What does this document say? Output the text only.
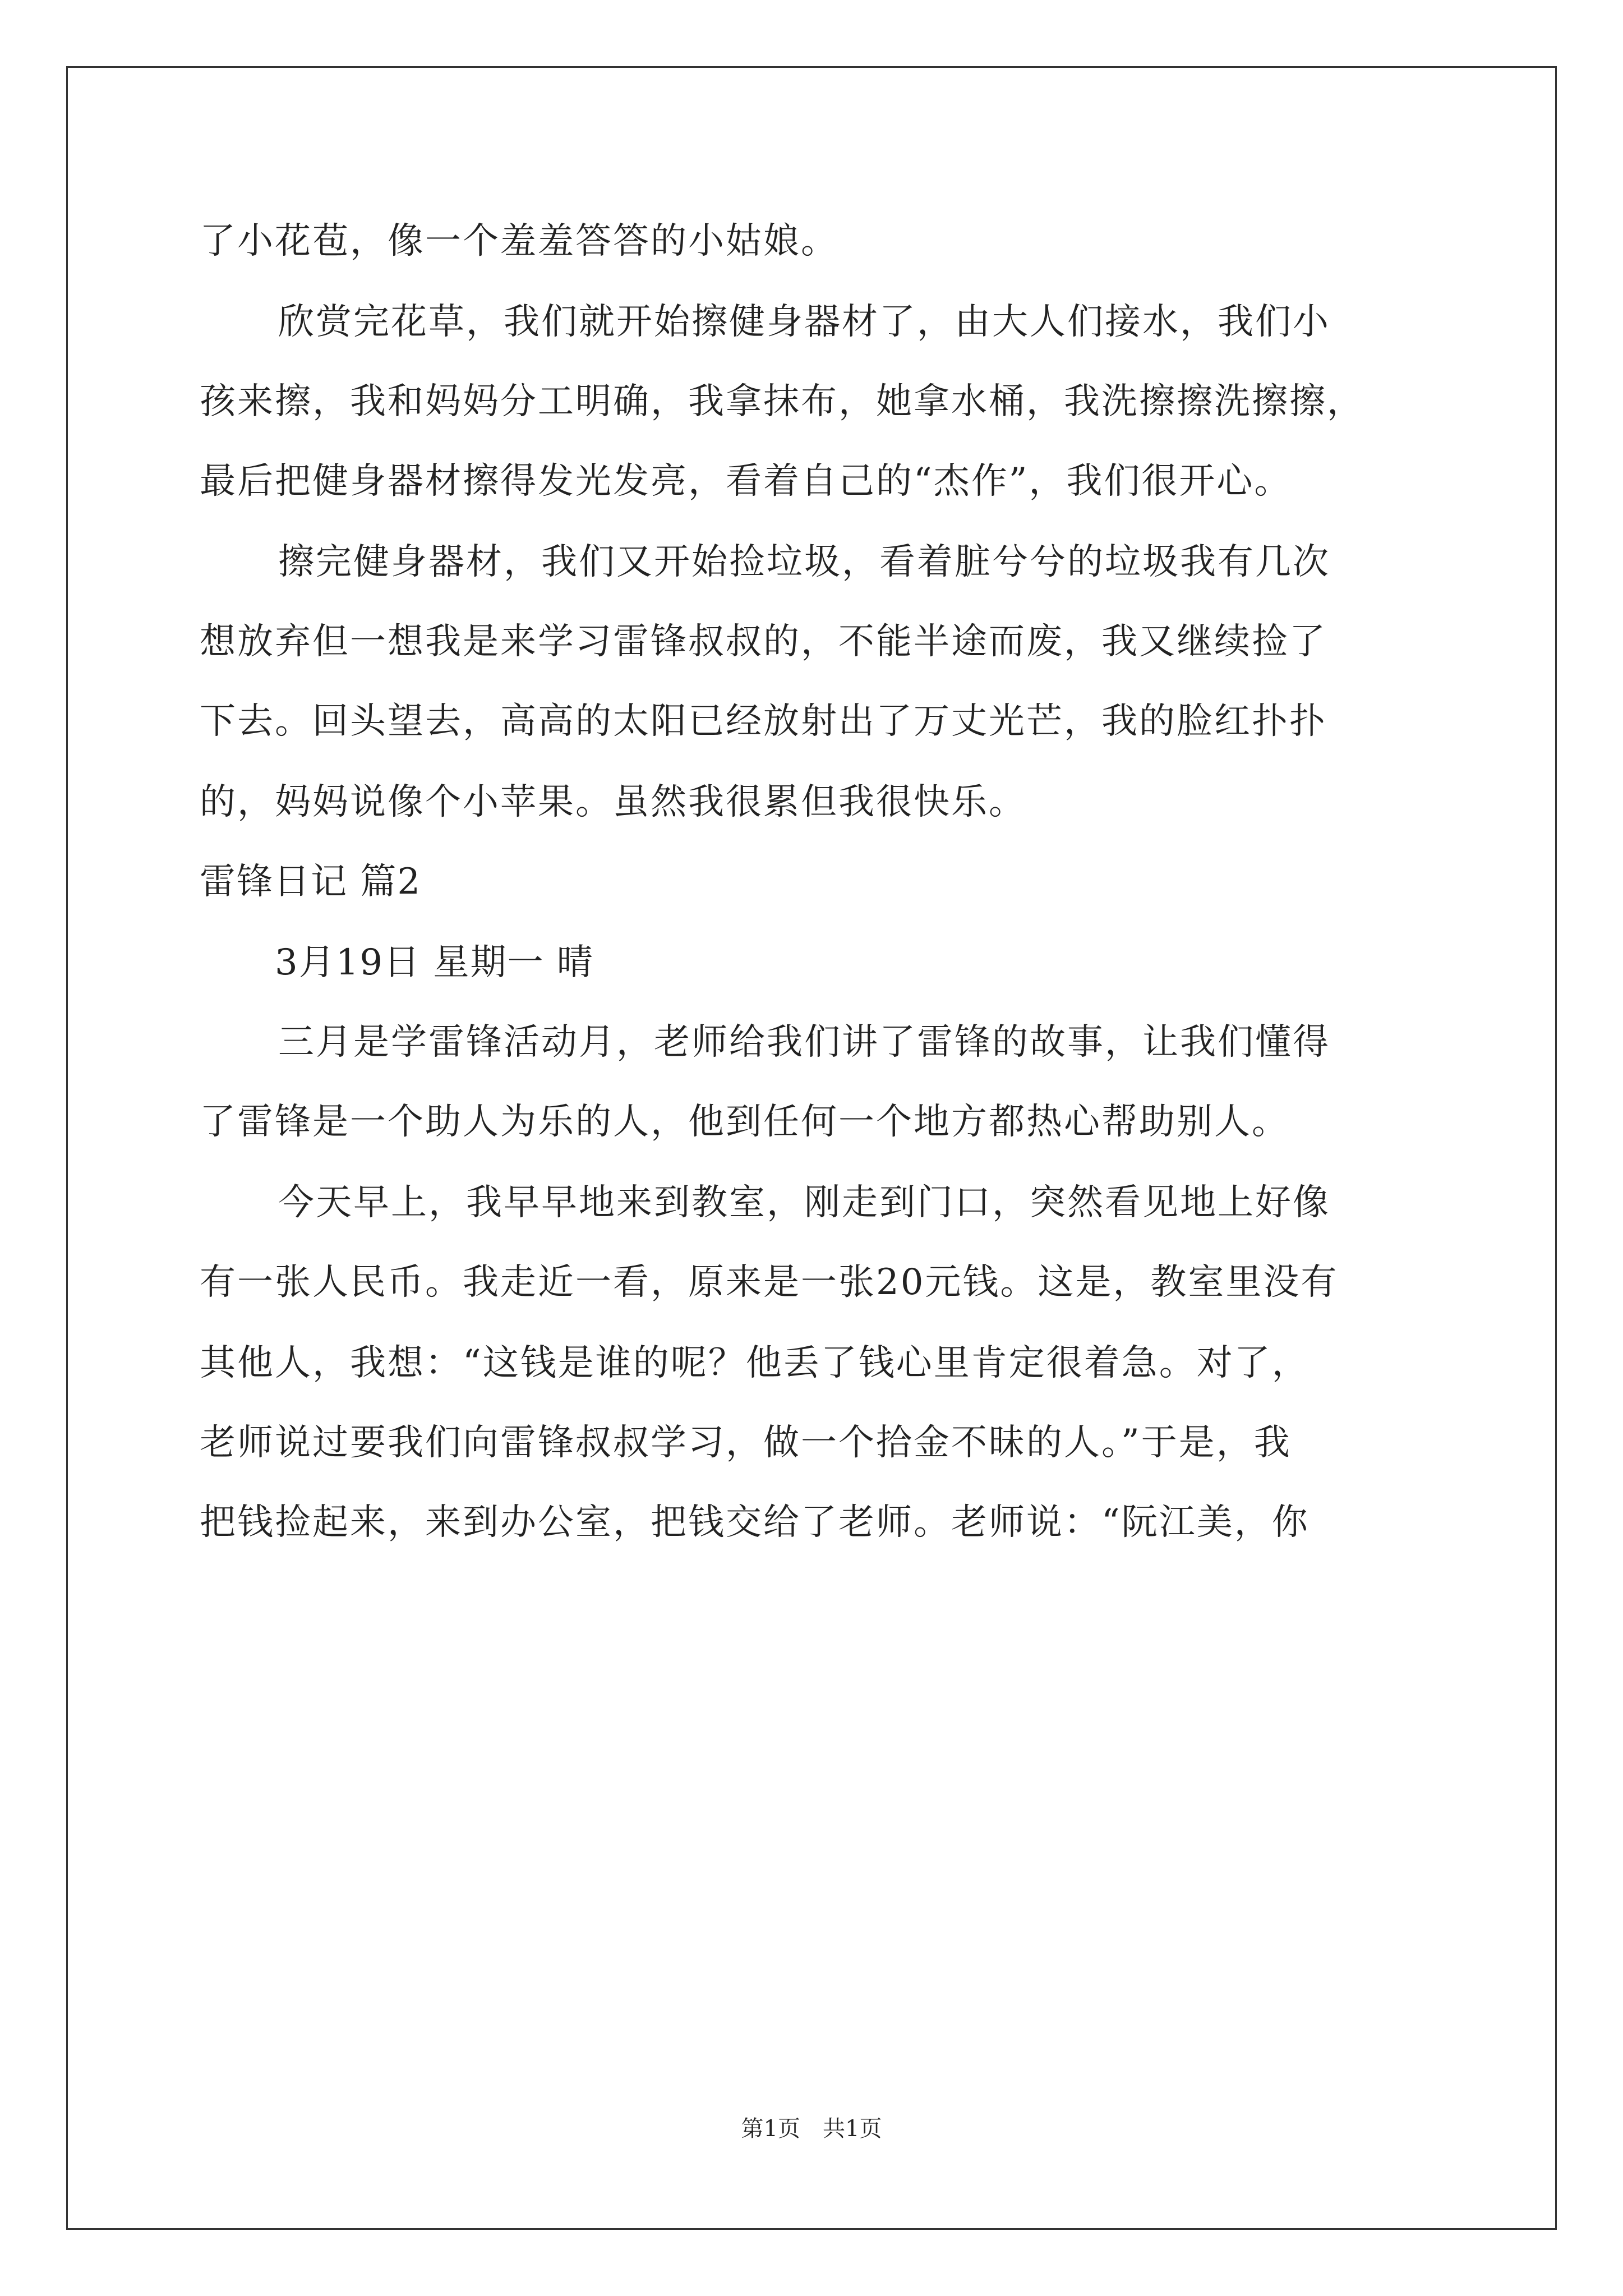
了小花苞，像一个羞羞答答的小姑娘。
欣赏完花草，我们就开始擦健身器材了，由大人们接水，我们小
孩来擦，我和妈妈分工明确，我拿抹布，她拿水桶，我洗擦擦洗擦擦，
最后把健身器材擦得发光发亮，看着自己的“杰作”，我们很开心。
擦完健身器材，我们又开始捡垃圾，看着脏兮兮的垃圾我有几次
想放弃但一想我是来学习雷锋叔叔的，不能半途而废，我又继续捡了
下去。回头望去，高高的太阳已经放射出了万丈光芒，我的脸红扑扑
的，妈妈说像个小苹果。虽然我很累但我很快乐。
雷锋日记 篇2
3月19日 星期一 晴
三月是学雷锋活动月，老师给我们讲了雷锋的故事，让我们懂得
了雷锋是一个助人为乐的人，他到任何一个地方都热心帮助别人。
今天早上，我早早地来到教室，刚走到门口，突然看见地上好像
有一张人民币。我走近一看，原来是一张20元钱。这是，教室里没有
其他人，我想：“这钱是谁的呢？他丢了钱心里肯定很着急。对了，
老师说过要我们向雷锋叔叔学习，做一个拾金不昧的人。”于是，我
把钱捡起来，来到办公室，把钱交给了老师。老师说：“阮江美，你
第1页　共1页
